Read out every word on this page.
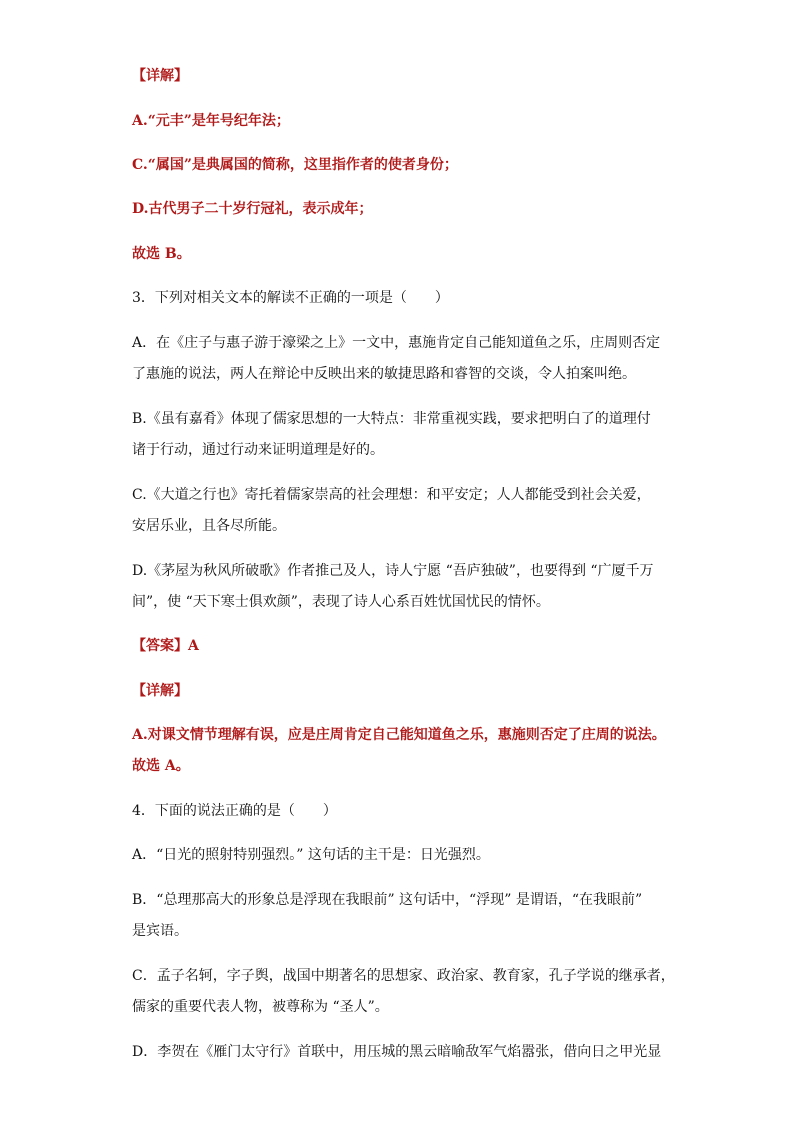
【详解】
A.“元丰”是年号纪年法；
C.“属国”是典属国的简称，这里指作者的使者身份；
D.古代男子二十岁行冠礼，表示成年；
故选 B。
3．下列对相关文本的解读不正确的一项是（　　）
A．在《庄子与惠子游于濠梁之上》一文中，惠施肯定自己能知道鱼之乐，庄周则否定
了惠施的说法，两人在辩论中反映出来的敏捷思路和睿智的交谈，令人拍案叫绝。
B.《虽有嘉肴》体现了儒家思想的一大特点：非常重视实践，要求把明白了的道理付
诸于行动，通过行动来证明道理是好的。
C.《大道之行也》寄托着儒家崇高的社会理想：和平安定；人人都能受到社会关爱，
安居乐业，且各尽所能。
D.《茅屋为秋风所破歌》作者推己及人，诗人宁愿 “吾庐独破”，也要得到 “广厦千万
间”，使 “天下寒士俱欢颜”，表现了诗人心系百姓忧国忧民的情怀。
【答案】A
【详解】
A.对课文情节理解有误，应是庄周肯定自己能知道鱼之乐，惠施则否定了庄周的说法。
故选 A。
4．下面的说法正确的是（　　）
A．“日光的照射特别强烈。” 这句话的主干是：日光强烈。
B．“总理那高大的形象总是浮现在我眼前” 这句话中，“浮现” 是谓语，“在我眼前”
是宾语。
C．孟子名轲，字子舆，战国中期著名的思想家、政治家、教育家，孔子学说的继承者，
儒家的重要代表人物，被尊称为 “圣人”。
D．李贺在《雁门太守行》首联中，用压城的黑云暗喻敌军气焰嚣张，借向日之甲光显
